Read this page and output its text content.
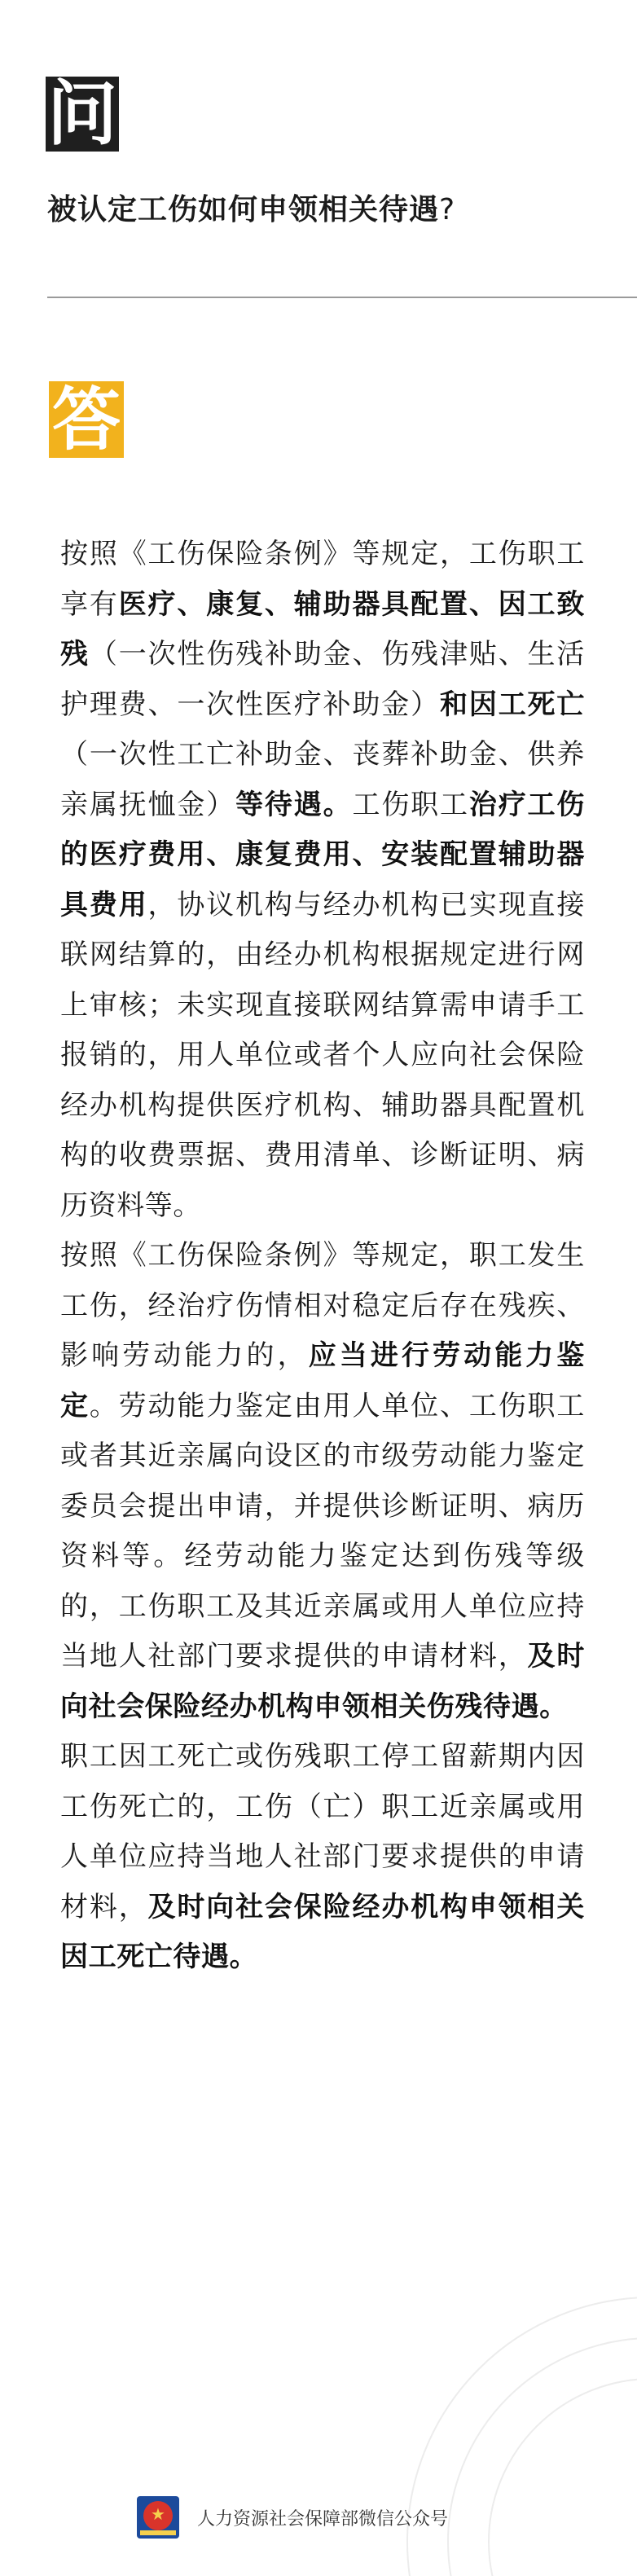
问
被认定工伤如何申领相关待遇?
答

按照《工伤保险条例》等规定，工伤职工享有医疗、康复、辅助器具配置、因工致残（一次性伤残补助金、伤残津贴、生活护理费、一次性医疗补助金）和因工死亡（一次性工亡补助金、丧葬补助金、供养亲属抚恤金）等待遇。工伤职工治疗工伤的医疗费用、康复费用、安装配置辅助器具费用，协议机构与经办机构已实现直接联网结算的，由经办机构根据规定进行网上审核；未实现直接联网结算需申请手工报销的，用人单位或者个人应向社会保险经办机构提供医疗机构、辅助器具配置机构的收费票据、费用清单、诊断证明、病历资料等。

按照《工伤保险条例》等规定，职工发生工伤，经治疗伤情相对稳定后存在残疾、影响劳动能力的，应当进行劳动能力鉴定。劳动能力鉴定由用人单位、工伤职工或者其近亲属向设区的市级劳动能力鉴定委员会提出申请，并提供诊断证明、病历资料等。经劳动能力鉴定达到伤残等级的，工伤职工及其近亲属或用人单位应持当地人社部门要求提供的申请材料，及时向社会保险经办机构申领相关伤残待遇。

职工因工死亡或伤残职工停工留薪期内因工伤死亡的，工伤（亡）职工近亲属或用人单位应持当地人社部门要求提供的申请材料，及时向社会保险经办机构申领相关因工死亡待遇。

★	人力资源社会保障部微信公众号
